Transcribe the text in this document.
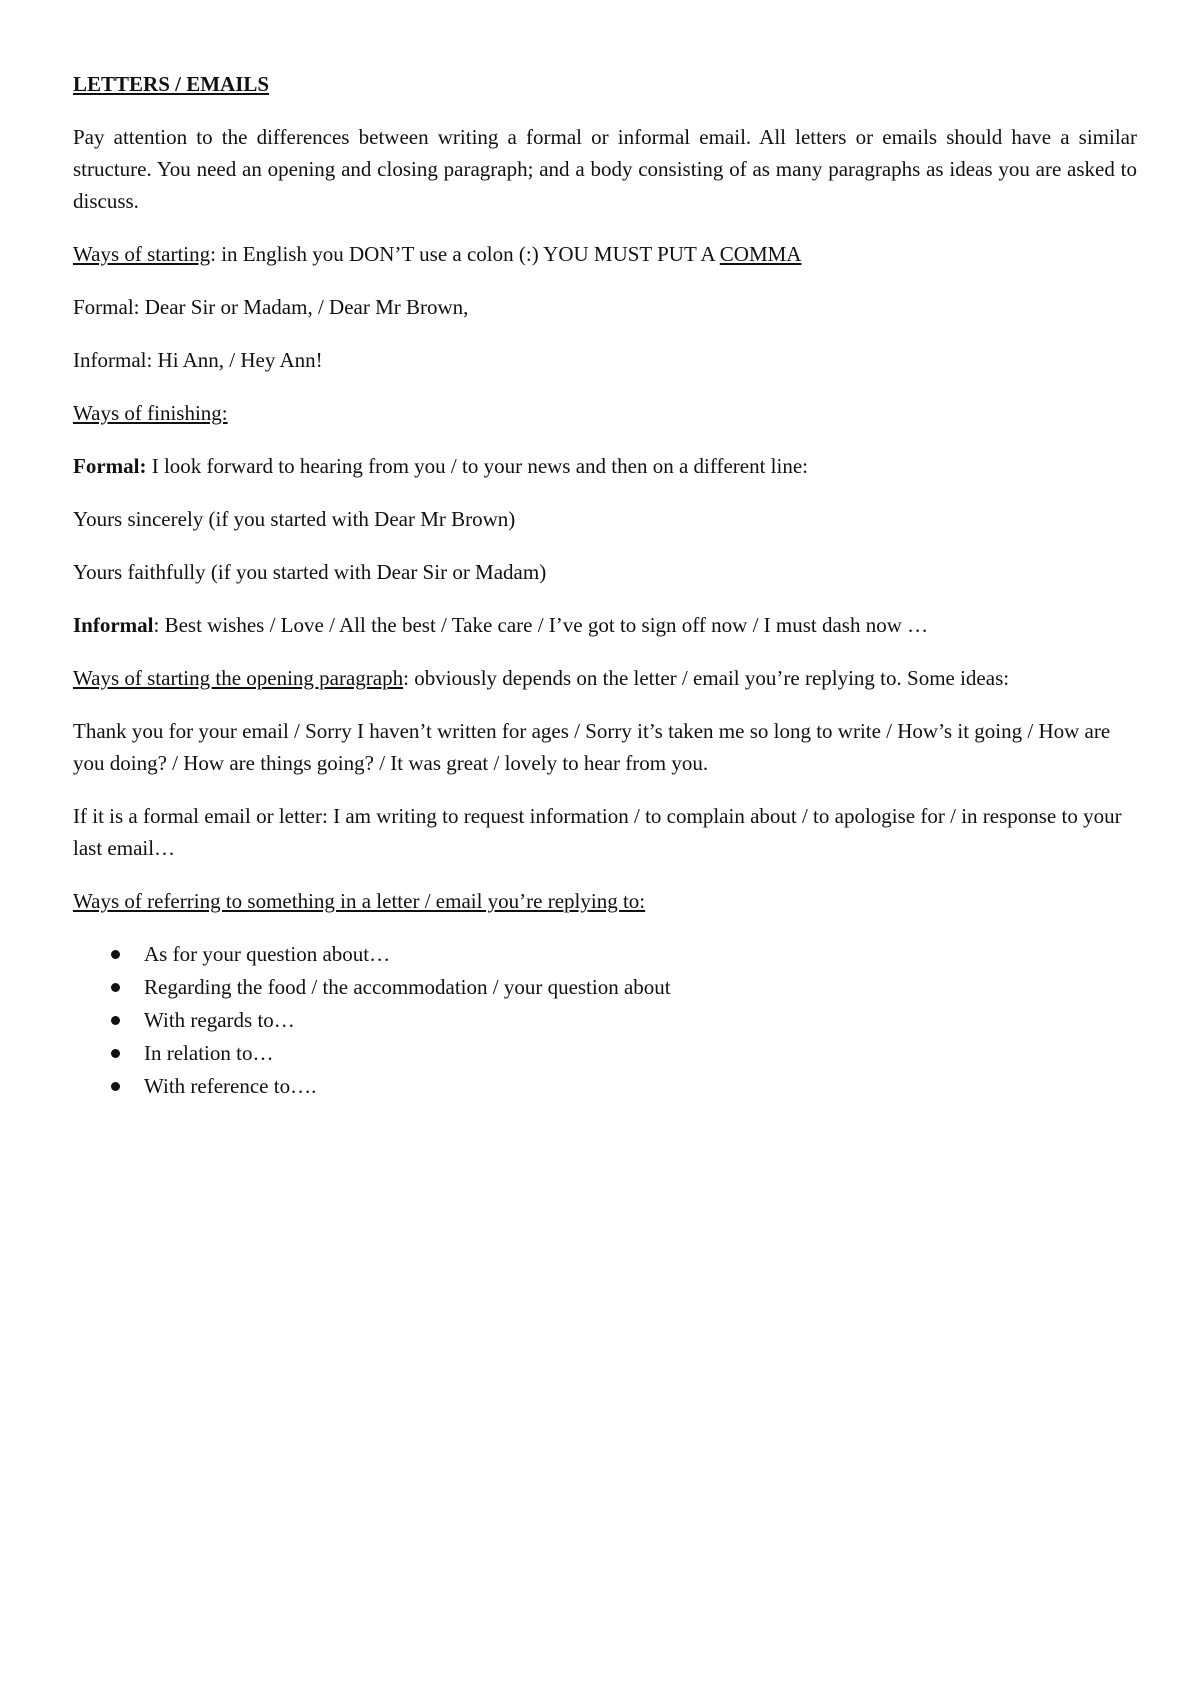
LETTERS / EMAILS

Pay attention to the differences between writing a formal or informal email. All letters or emails should have a similar structure. You need an opening and closing paragraph; and a body consisting of as many paragraphs as ideas you are asked to discuss.

Ways of starting: in English you DON’T use a colon (:) YOU MUST PUT A COMMA

Formal: Dear Sir or Madam, / Dear Mr Brown,

Informal: Hi Ann, / Hey Ann!

Ways of finishing:

Formal: I look forward to hearing from you / to your news and then on a different line:

Yours sincerely (if you started with Dear Mr Brown)

Yours faithfully (if you started with Dear Sir or Madam)

Informal: Best wishes / Love / All the best / Take care / I’ve got to sign off now / I must dash now …

Ways of starting the opening paragraph: obviously depends on the letter / email you’re replying to. Some ideas:

Thank you for your email / Sorry I haven’t written for ages / Sorry it’s taken me so long to write / How’s it going / How are you doing? / How are things going? / It was great / lovely to hear from you.

If it is a formal email or letter: I am writing to request information / to complain about / to apologise for / in response to your last email…

Ways of referring to something in a letter / email you’re replying to:

As for your question about…
Regarding the food / the accommodation / your question about
With regards to…
In relation to…
With reference to….
